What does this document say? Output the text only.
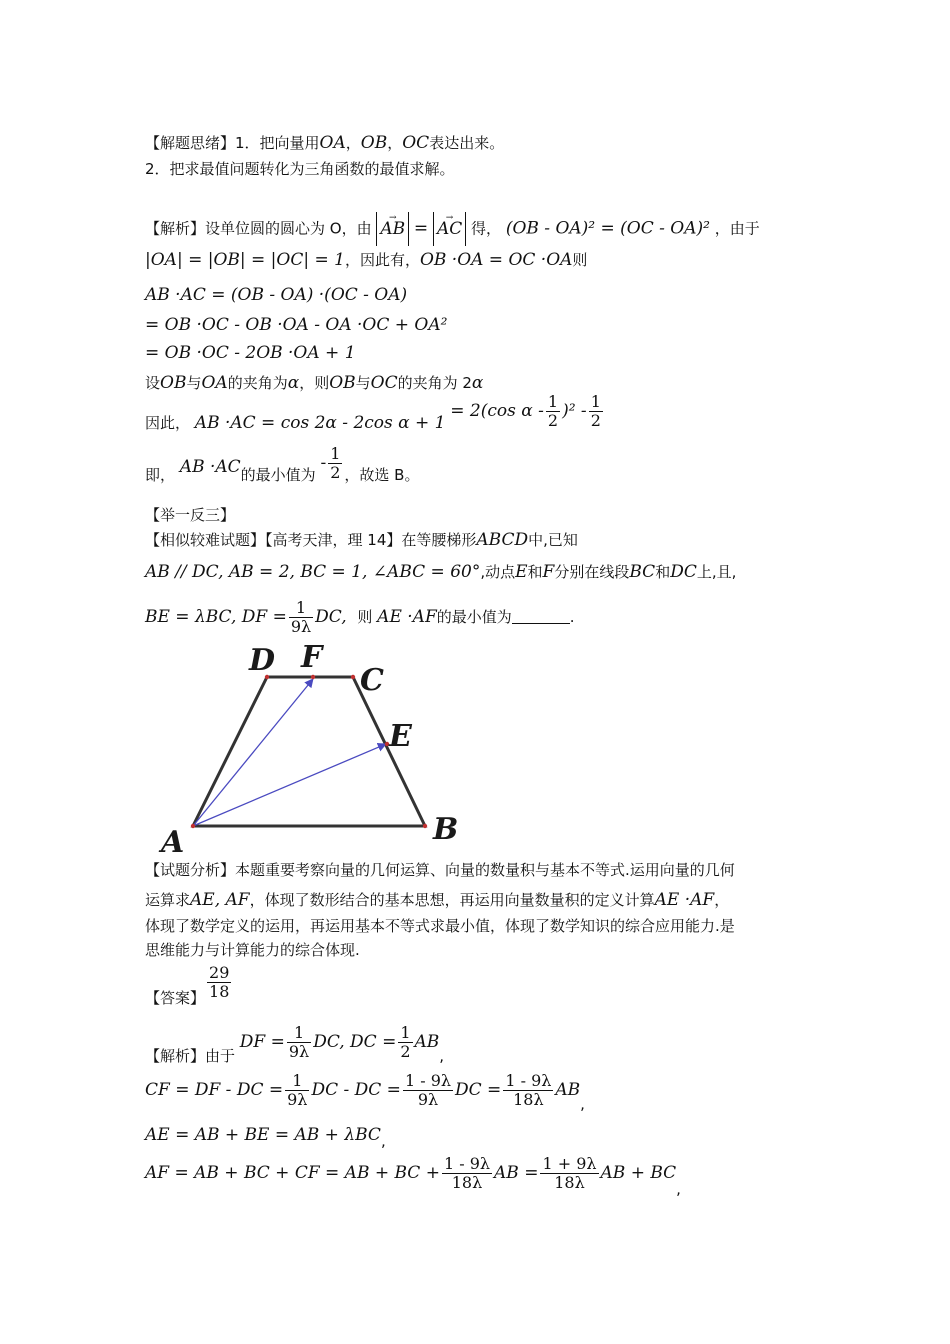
【解题思绪】1．把向量用OA，OB，OC表达出来。
2．把求最值问题转化为三角函数的最值求解。
【解析】设单位圆的圆心为 O，由 → AB = → AC 得， (OB - OA)² = (OC - OA)² ，由于
|OA| = |OB| = |OC| = 1，因此有，OB ·OA = OC ·OA则
AB ·AC = (OB - OA) ·(OC - OA)
= OB ·OC - OB ·OA - OA ·OC + OA²
= OB ·OC - 2OB ·OA + 1
设OB与OA的夹角为α，则OB与OC的夹角为 2α
因此， AB ·AC = cos 2α - 2cos α + 1 = 2(cos α - $\frac{1}{2} )^2 - \frac{1}{2}$
即， AB ·AC的最小值为 - $\frac{1}{2}$ ，故选 B。
【举一反三】
【相似较难试题】【高考天津，理 14】在等腰梯形ABCD中,已知
AB // DC, AB = 2, BC = 1, ∠ABC = 60°,动点E和F分别在线段BC和DC上,且,
BE = λBC, DF = $\frac{1}{9\lambda}$ DC, 则 AE ·AF的最小值为	.
A	B
C
D
E
F
【试题分析】本题重要考察向量的几何运算、向量的数量积与基本不等式.运用向量的几何
运算求AE, AF，体现了数形结合的基本思想，再运用向量数量积的定义计算AE ·AF，
体现了数学定义的运用，再运用基本不等式求最小值，体现了数学知识的综合应用能力.是
思维能力与计算能力的综合体现.
【答案】 $\frac{29}{18}$
【解析】由于 DF = $\frac{1}{9\lambda}$ DC, DC = $\frac{1}{2}$ AB,
CF = DF - DC = $\frac{1}{9\lambda}$ DC - DC = $\frac{1 - 9\lambda}{9\lambda}$ DC = $\frac{1 - 9\lambda}{18\lambda}$ AB,
AE = AB + BE = AB + λBC,
AF = AB + BC + CF = AB + BC + $\frac{1 - 9\lambda}{18\lambda}$ AB = $\frac{1 + 9\lambda}{18\lambda}$ AB + BC,
